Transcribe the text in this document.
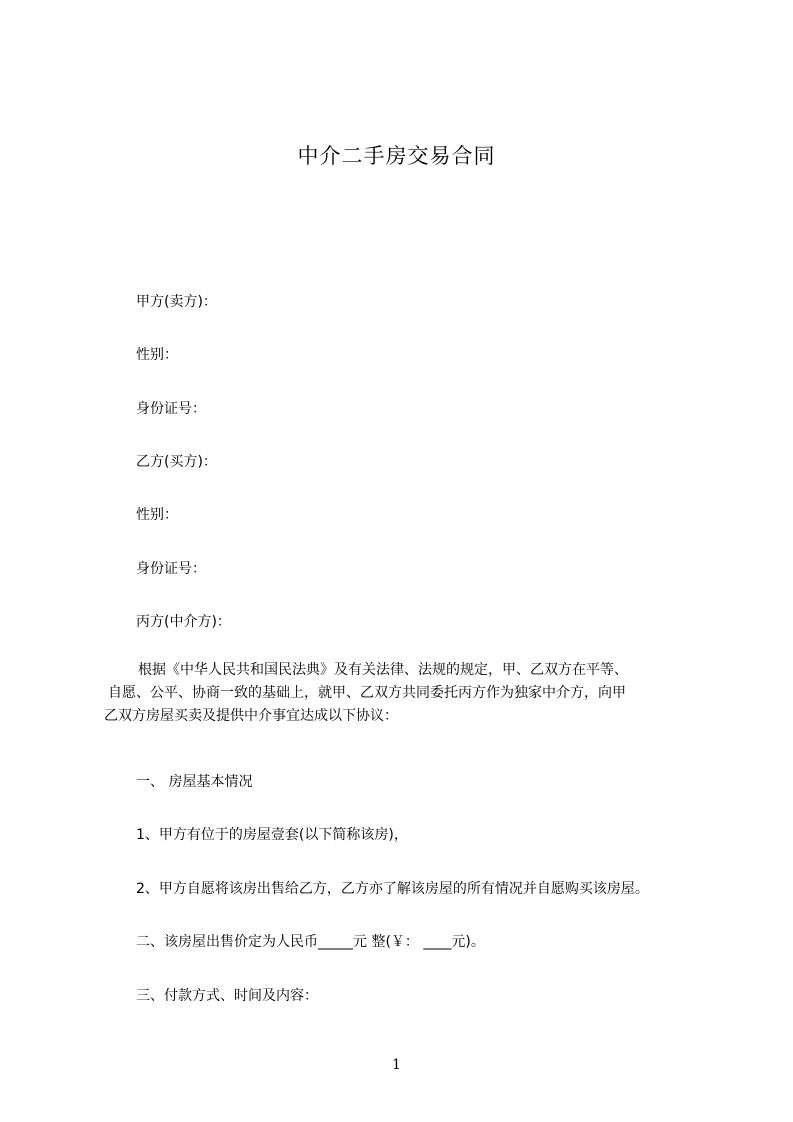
中介二手房交易合同
甲方(卖方)：
性别：
身份证号：
乙方(买方)：
性别：
身份证号：
丙方(中介方)：
根据《中华人民共和国民法典》及有关法律、法规的规定，甲、乙双方在平等、
自愿、公平、协商一致的基础上，就甲、乙双方共同委托丙方作为独家中介方，向甲
乙双方房屋买卖及提供中介事宜达成以下协议：
一、 房屋基本情况
1、甲方有位于的房屋壹套(以下简称该房)，
2、甲方自愿将该房出售给乙方，乙方亦了解该房屋的所有情况并自愿购买该房屋。
二、该房屋出售价定为人民币_____元 整(￥： ____元)。
三、付款方式、时间及内容：
1
